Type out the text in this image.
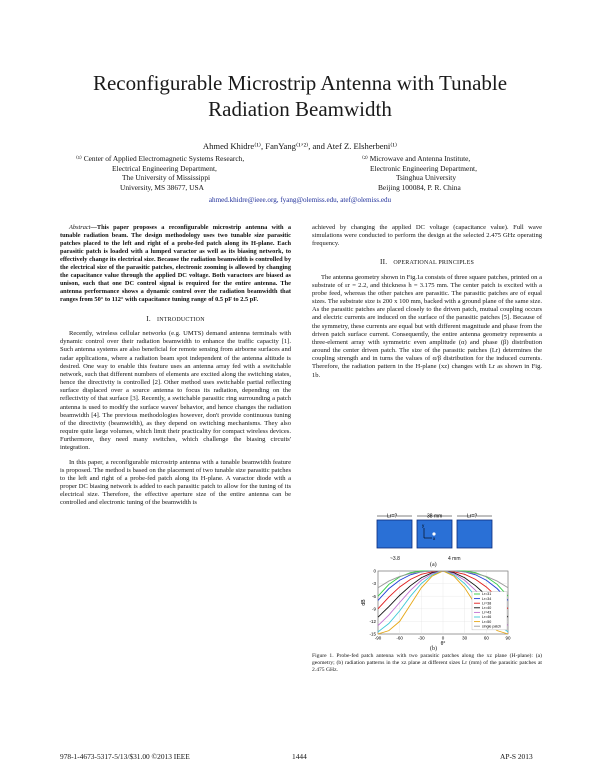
Reconfigurable Microstrip Antenna with Tunable
Radiation Beamwidth
Ahmed Khidre⁽¹⁾, FanYang⁽¹ʼ²⁾, and Atef Z. Elsherbeni⁽¹⁾
⁽¹⁾ Center of Applied Electromagnetic Systems Research,
Electrical Engineering Department,
The University of Mississippi
University, MS 38677, USA
⁽²⁾ Microwave and Antenna Institute,
Electronic Engineering Department,
Tsinghua University
Beijing 100084, P. R. China
ahmed.khidre@ieee.org, fyang@olemiss.edu, atef@olemiss.edu

Abstract—This paper proposes a reconfigurable microstrip antenna with a tunable radiation beam. The design methodology uses two tunable size parasitic patches placed to the left and right of a probe-fed patch along its H-plane. Each parasitic patch is loaded with a lumped varactor as well as its biasing network, to effectively change its electrical size. Because the radiation beamwidth is controlled by the electrical size of the parasitic patches, electronic zooming is allowed by changing the capacitance value through the applied DC voltage. Both varactors are biased as unison, such that one DC control signal is required for the entire antenna. The antenna performance shows a dynamic control over the radiation beamwidth that ranges from 50° to 112° with capacitance tuning range of 0.5 pF to 2.5 pF.

I. INTRODUCTION

Recently, wireless cellular networks (e.g. UMTS) demand antenna terminals with dynamic control over their radiation beamwidth to enhance the traffic capacity [1]. Such antenna systems are also beneficial for remote sensing from airborne surfaces and radar applications, where a radiation beam spot independent of the antenna altitude is desired. One way to enable this feature uses an antenna array fed with a switchable network, such that different numbers of elements are excited along the switching states, hence the directivity is controlled [2]. Other method uses switchable partial reflecting surface displaced over a source antenna to focus its radiation, depending on the reflectivity of that surface [3]. Recently, a switchable parasitic ring surrounding a patch antenna is used to modify the surface waves' behavior, and hence changes the radiation beamwidth [4]. The previous methodologies however, don't provide continuous tuning of the directivity (beamwidth), as they depend on switching mechanisms. They also require quite large volumes, which limit their practicality for compact wireless devices. Furthermore, they need many switches, which challenge the biasing circuits' integration.

In this paper, a reconfigurable microstrip antenna with a tunable beamwidth feature is proposed. The method is based on the placement of two tunable size parasitic patches to the left and right of a probe-fed patch along its H-plane. A varactor diode with a proper DC biasing network is added to each parasitic patch to allow for the tuning of its electrical size. Therefore, the effective aperture size of the entire antenna can be controlled and electronic tuning of the beamwidth is

achieved by changing the applied DC voltage (capacitance value). Full wave simulations were conducted to perform the design at the selected 2.475 GHz operating frequency.

II. OPERATIONAL PRINCIPLES

The antenna geometry shown in Fig.1a consists of three square patches, printed on a substrate of εr = 2.2, and thickness h = 3.175 mm. The center patch is excited with a probe feed, whereas the other patches are parasitic. The parasitic patches are of equal sizes. The substrate size is 200 x 100 mm, backed with a ground plane of the same size. As the parasitic patches are placed closely to the driven patch, mutual coupling occurs and electric currents are induced on the surface of the parasitic patches [5]. Because of the symmetry, these currents are equal but with different magnitude and phase from the driven patch surface current. Consequently, the entire antenna geometry represents a three-element array with symmetric even amplitude (α) and phase (β) distribution around the center driven patch. The size of the parasitic patches (Lr) determines the coupling strength and in turns the values of α/β distribution for the induced currents. Therefore, the radiation pattern in the H-plane (xz) changes with Lr as shown in Fig. 1b.

Lr=?	38 mm	Lr=?
y
x
~3.8	4 mm
(a)
0
-3
-6
-9
-12
-15
-90	-60	-30	0	30	60	90
dB
θ°
Lr=31
Lr=34
Lr=38
Lr=40
Lr=43
Lr=46
Lr=50
single patch
(b)
Figure 1. Probe-fed patch antenna with two parasitic patches along the xz plane (H-plane): (a) geometry; (b) radiation patterns in the xz plane at different sizes Lr (mm) of the parasitic patches at 2.475 GHz.
978-1-4673-5317-5/13/$31.00 ©2013 IEEE	1444	AP-S 2013
